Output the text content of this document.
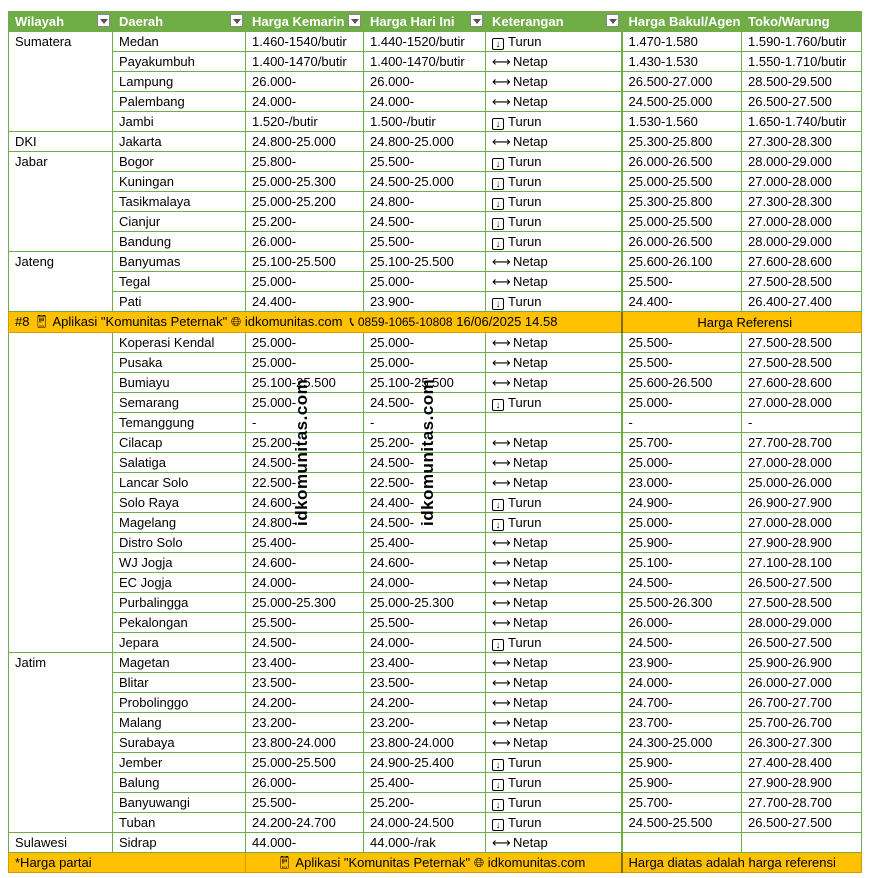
Wilayah	Daerah	Harga Kemarin	Harga Hari Ini	Keterangan	Harga Bakul/Agen	Toko/Warung
Sumatera	Medan	1.460-1540/butir	1.440-1520/butir	↓ Turun	1.470-1.580	1.590-1.760/butir
	Payakumbuh	1.400-1470/butir	1.400-1470/butir	⟷ Netap	1.430-1.530	1.550-1.710/butir
	Lampung	26.000-	26.000-	⟷ Netap	26.500-27.000	28.500-29.500
	Palembang	24.000-	24.000-	⟷ Netap	24.500-25.000	26.500-27.500
	Jambi	1.520-/butir	1.500-/butir	↓ Turun	1.530-1.560	1.650-1.740/butir
DKI	Jakarta	24.800-25.000	24.800-25.000	⟷ Netap	25.300-25.800	27.300-28.300
Jabar	Bogor	25.800-	25.500-	↓ Turun	26.000-26.500	28.000-29.000
	Kuningan	25.000-25.300	24.500-25.000	↓ Turun	25.000-25.500	27.000-28.000
	Tasikmalaya	25.000-25.200	24.800-	↓ Turun	25.300-25.800	27.300-28.300
	Cianjur	25.200-	24.500-	↓ Turun	25.000-25.500	27.000-28.000
	Bandung	26.000-	25.500-	↓ Turun	26.000-26.500	28.000-29.000
Jateng	Banyumas	25.100-25.500	25.100-25.500	⟷ Netap	25.600-26.100	27.600-28.600
	Tegal	25.000-	25.000-	⟷ Netap	25.500-	27.500-28.500
	Pati	24.400-	23.900-	↓ Turun	24.400-	26.400-27.400
#8 📱︎ Aplikasi "Komunitas Peternak" 🌐︎ idkomunitas.com 📞︎ 0859-1065-10808 16/06/2025 14.58					Harga Referensi	
	Koperasi Kendal	25.000-	25.000-	⟷ Netap	25.500-	27.500-28.500
	Pusaka	25.000-	25.000-	⟷ Netap	25.500-	27.500-28.500
	Bumiayu	25.100-25.500	25.100-25.500	⟷ Netap	25.600-26.500	27.600-28.600
	Semarang	25.000-	24.500-	↓ Turun	25.000-	27.000-28.000
	Temanggung	-	-		-	-
	Cilacap	25.200-	25.200-	⟷ Netap	25.700-	27.700-28.700
	Salatiga	24.500-	24.500-	⟷ Netap	25.000-	27.000-28.000
	Lancar Solo	22.500-	22.500-	⟷ Netap	23.000-	25.000-26.000
	Solo Raya	24.600-	24.400-	↓ Turun	24.900-	26.900-27.900
	Magelang	24.800-	24.500-	↓ Turun	25.000-	27.000-28.000
	Distro Solo	25.400-	25.400-	⟷ Netap	25.900-	27.900-28.900
	WJ Jogja	24.600-	24.600-	⟷ Netap	25.100-	27.100-28.100
	EC Jogja	24.000-	24.000-	⟷ Netap	24.500-	26.500-27.500
	Purbalingga	25.000-25.300	25.000-25.300	⟷ Netap	25.500-26.300	27.500-28.500
	Pekalongan	25.500-	25.500-	⟷ Netap	26.000-	28.000-29.000
	Jepara	24.500-	24.000-	↓ Turun	24.500-	26.500-27.500
Jatim	Magetan	23.400-	23.400-	⟷ Netap	23.900-	25.900-26.900
	Blitar	23.500-	23.500-	⟷ Netap	24.000-	26.000-27.000
	Probolinggo	24.200-	24.200-	⟷ Netap	24.700-	26.700-27.700
	Malang	23.200-	23.200-	⟷ Netap	23.700-	25.700-26.700
	Surabaya	23.800-24.000	23.800-24.000	⟷ Netap	24.300-25.000	26.300-27.300
	Jember	25.000-25.500	24.900-25.400	↓ Turun	25.900-	27.400-28.400
	Balung	26.000-	25.400-	↓ Turun	25.900-	27.900-28.900
	Banyuwangi	25.500-	25.200-	↓ Turun	25.700-	27.700-28.700
	Tuban	24.200-24.700	24.000-24.500	↓ Turun	24.500-25.500	26.500-27.500
Sulawesi	Sidrap	44.000-	44.000-/rak	⟷ Netap		
*Harga partai		📱︎ Aplikasi "Komunitas Peternak" 🌐︎ idkomunitas.com			Harga diatas adalah harga referensi	
idkomunitas.com	idkomunitas.com
